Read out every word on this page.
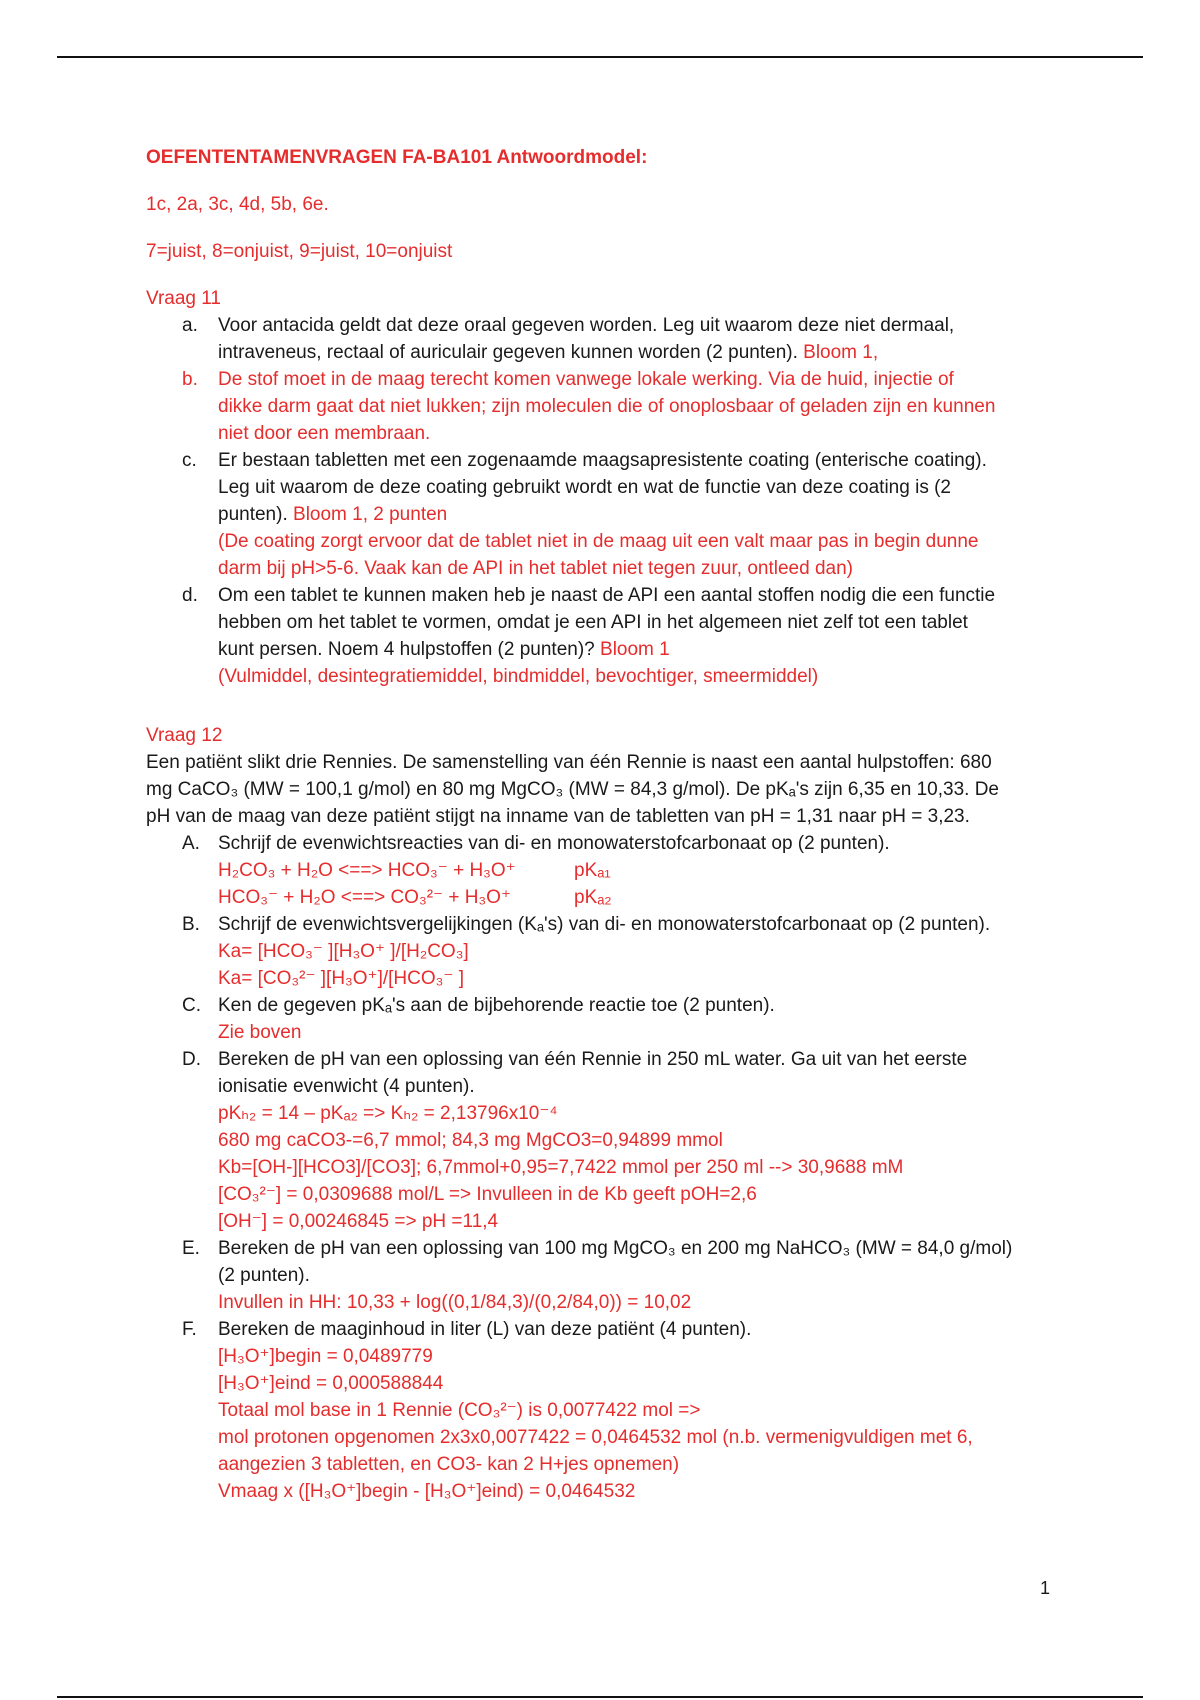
OEFENTENTAMENVRAGEN FA-BA101 Antwoordmodel:

1c, 2a, 3c, 4d, 5b, 6e.

7=juist, 8=onjuist, 9=juist, 10=onjuist

Vraag 11

a. Voor antacida geldt dat deze oraal gegeven worden. Leg uit waarom deze niet dermaal,
intraveneus, rectaal of auriculair gegeven kunnen worden (2 punten). Bloom 1,
b. De stof moet in de maag terecht komen vanwege lokale werking. Via de huid, injectie of
dikke darm gaat dat niet lukken; zijn moleculen die of onoplosbaar of geladen zijn en kunnen
niet door een membraan.
c. Er bestaan tabletten met een zogenaamde maagsapresistente coating (enterische coating).
Leg uit waarom de deze coating gebruikt wordt en wat de functie van deze coating is (2
punten). Bloom 1, 2 punten
(De coating zorgt ervoor dat de tablet niet in de maag uit een valt maar pas in begin dunne
darm bij pH>5-6. Vaak kan de API in het tablet niet tegen zuur, ontleed dan)
d. Om een tablet te kunnen maken heb je naast de API een aantal stoffen nodig die een functie
hebben om het tablet te vormen, omdat je een API in het algemeen niet zelf tot een tablet
kunt persen. Noem 4 hulpstoffen (2 punten)? Bloom 1
(Vulmiddel, desintegratiemiddel, bindmiddel, bevochtiger, smeermiddel)

Vraag 12

Een patiënt slikt drie Rennies. De samenstelling van één Rennie is naast een aantal hulpstoffen: 680
mg CaCO₃ (MW = 100,1 g/mol) en 80 mg MgCO₃ (MW = 84,3 g/mol). De pKₐ's zijn 6,35 en 10,33. De
pH van de maag van deze patiënt stijgt na inname van de tabletten van pH = 1,31 naar pH = 3,23.
A. Schrijf de evenwichtsreacties van di- en monowaterstofcarbonaat op (2 punten).
H₂CO₃ + H₂O <==> HCO₃⁻ + H₃O⁺	pKₐ₁
HCO₃⁻ + H₂O <==> CO₃²⁻ + H₃O⁺	pKₐ₂
B. Schrijf de evenwichtsvergelijkingen (Kₐ's) van di- en monowaterstofcarbonaat op (2 punten).
Ka= [HCO₃⁻ ][H₃O⁺ ]/[H₂CO₃]
Ka= [CO₃²⁻ ][H₃O⁺]/[HCO₃⁻ ]
C. Ken de gegeven pKₐ's aan de bijbehorende reactie toe (2 punten).
Zie boven
D. Bereken de pH van een oplossing van één Rennie in 250 mL water. Ga uit van het eerste
ionisatie evenwicht (4 punten).
pKₕ₂ = 14 – pKₐ₂ => Kₕ₂ = 2,13796x10⁻⁴
680 mg caCO3-=6,7 mmol; 84,3 mg MgCO3=0,94899 mmol
Kb=[OH-][HCO3]/[CO3]; 6,7mmol+0,95=7,7422 mmol per 250 ml --> 30,9688 mM
[CO₃²⁻] = 0,0309688 mol/L => Invulleen in de Kb geeft pOH=2,6
[OH⁻] = 0,00246845 => pH =11,4
E. Bereken de pH van een oplossing van 100 mg MgCO₃ en 200 mg NaHCO₃ (MW = 84,0 g/mol)
(2 punten).
Invullen in HH: 10,33 + log((0,1/84,3)/(0,2/84,0)) = 10,02
F. Bereken de maaginhoud in liter (L) van deze patiënt (4 punten).
[H₃O⁺]begin = 0,0489779
[H₃O⁺]eind = 0,000588844
Totaal mol base in 1 Rennie (CO₃²⁻) is 0,0077422 mol =>
mol protonen opgenomen 2x3x0,0077422 = 0,0464532 mol (n.b. vermenigvuldigen met 6,
aangezien 3 tabletten, en CO3- kan 2 H+jes opnemen)
Vmaag x ([H₃O⁺]begin - [H₃O⁺]eind) = 0,0464532
1
